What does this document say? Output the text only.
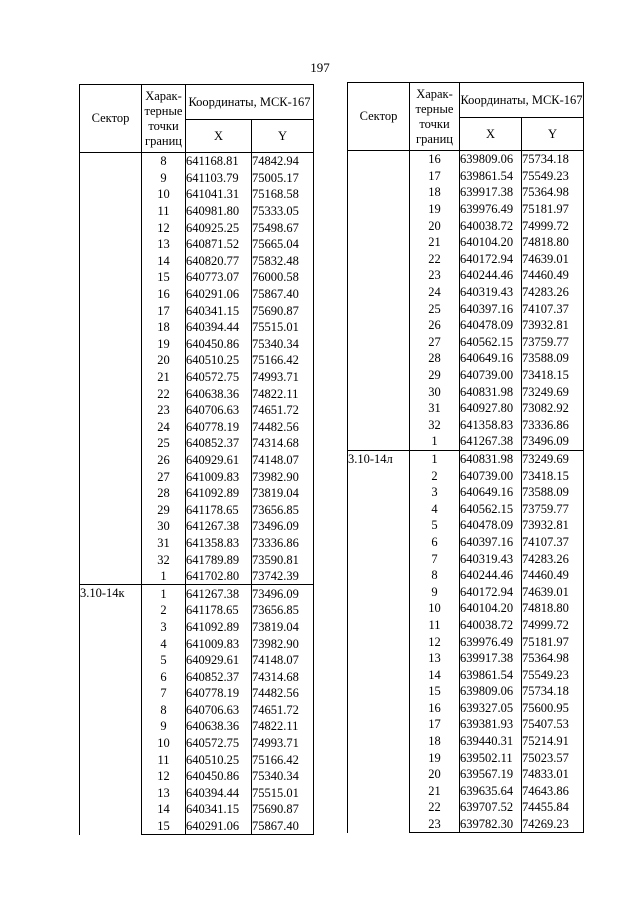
197
Сектор	Харак-терные точки границ	Координаты, МСК-167	
		X	Y
	8	641168.81	74842.94
	9	641103.79	75005.17
	10	641041.31	75168.58
	11	640981.80	75333.05
	12	640925.25	75498.67
	13	640871.52	75665.04
	14	640820.77	75832.48
	15	640773.07	76000.58
	16	640291.06	75867.40
	17	640341.15	75690.87
	18	640394.44	75515.01
	19	640450.86	75340.34
	20	640510.25	75166.42
	21	640572.75	74993.71
	22	640638.36	74822.11
	23	640706.63	74651.72
	24	640778.19	74482.56
	25	640852.37	74314.68
	26	640929.61	74148.07
	27	641009.83	73982.90
	28	641092.89	73819.04
	29	641178.65	73656.85
	30	641267.38	73496.09
	31	641358.83	73336.86
	32	641789.89	73590.81
	1	641702.80	73742.39
3.10-14к	1	641267.38	73496.09
	2	641178.65	73656.85
	3	641092.89	73819.04
	4	641009.83	73982.90
	5	640929.61	74148.07
	6	640852.37	74314.68
	7	640778.19	74482.56
	8	640706.63	74651.72
	9	640638.36	74822.11
	10	640572.75	74993.71
	11	640510.25	75166.42
	12	640450.86	75340.34
	13	640394.44	75515.01
	14	640341.15	75690.87
	15	640291.06	75867.40
Сектор	Харак-терные точки границ	Координаты, МСК-167	
		X	Y
	16	639809.06	75734.18
	17	639861.54	75549.23
	18	639917.38	75364.98
	19	639976.49	75181.97
	20	640038.72	74999.72
	21	640104.20	74818.80
	22	640172.94	74639.01
	23	640244.46	74460.49
	24	640319.43	74283.26
	25	640397.16	74107.37
	26	640478.09	73932.81
	27	640562.15	73759.77
	28	640649.16	73588.09
	29	640739.00	73418.15
	30	640831.98	73249.69
	31	640927.80	73082.92
	32	641358.83	73336.86
	1	641267.38	73496.09
3.10-14л	1	640831.98	73249.69
	2	640739.00	73418.15
	3	640649.16	73588.09
	4	640562.15	73759.77
	5	640478.09	73932.81
	6	640397.16	74107.37
	7	640319.43	74283.26
	8	640244.46	74460.49
	9	640172.94	74639.01
	10	640104.20	74818.80
	11	640038.72	74999.72
	12	639976.49	75181.97
	13	639917.38	75364.98
	14	639861.54	75549.23
	15	639809.06	75734.18
	16	639327.05	75600.95
	17	639381.93	75407.53
	18	639440.31	75214.91
	19	639502.11	75023.57
	20	639567.19	74833.01
	21	639635.64	74643.86
	22	639707.52	74455.84
	23	639782.30	74269.23
